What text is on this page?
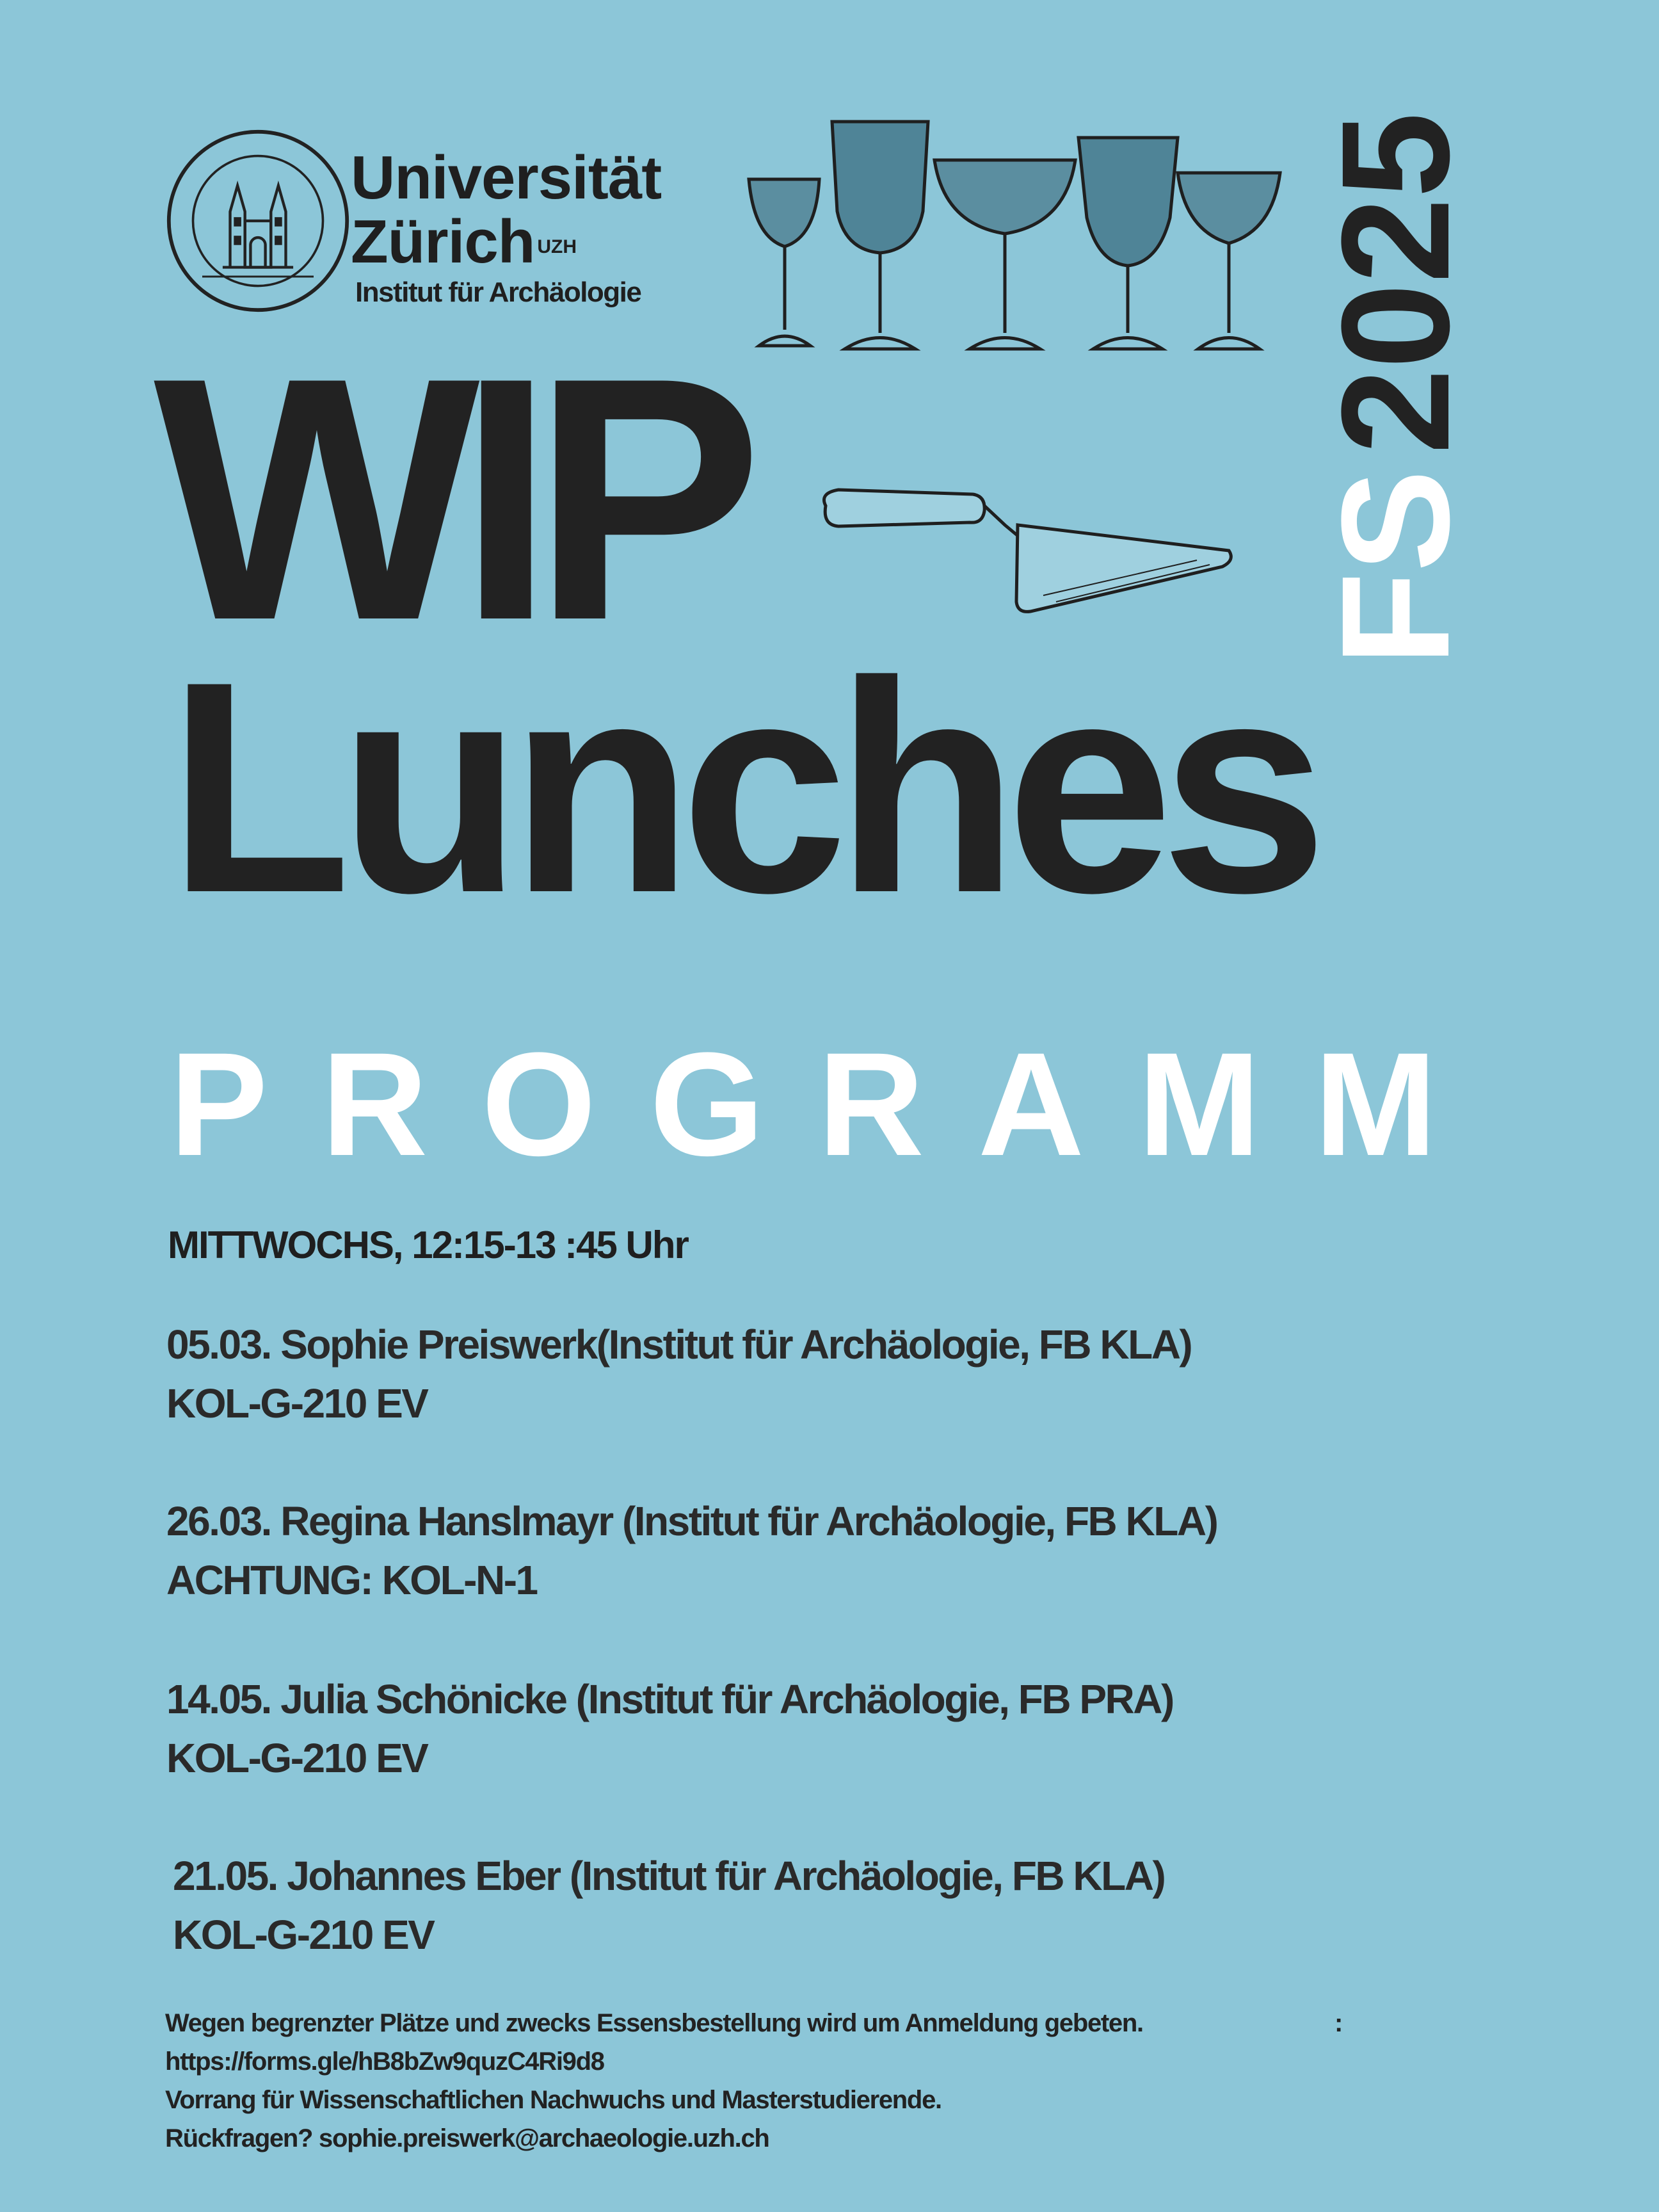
Universität
Zürich $^{UZH}$
Institut für Archäologie
WIP
Lunches
FS2025
P R O G R A M M
MITTWOCHS, 12:15-13 :45 Uhr
05.03. Sophie Preiswerk(Institut für Archäologie, FB KLA)
KOL-G-210 EV
26.03. Regina Hanslmayr (Institut für Archäologie, FB KLA)
ACHTUNG: KOL-N-1
14.05. Julia Schönicke (Institut für Archäologie, FB PRA)
KOL-G-210 EV
21.05. Johannes Eber (Institut für Archäologie, FB KLA)
KOL-G-210 EV
Wegen begrenzter Plätze und zwecks Essensbestellung wird um Anmeldung gebeten.
https://forms.gle/hB8bZw9quzC4Ri9d8
Vorrang für Wissenschaftlichen Nachwuchs und Masterstudierende.
Rückfragen? sophie.preiswerk@archaeologie.uzh.ch
:
